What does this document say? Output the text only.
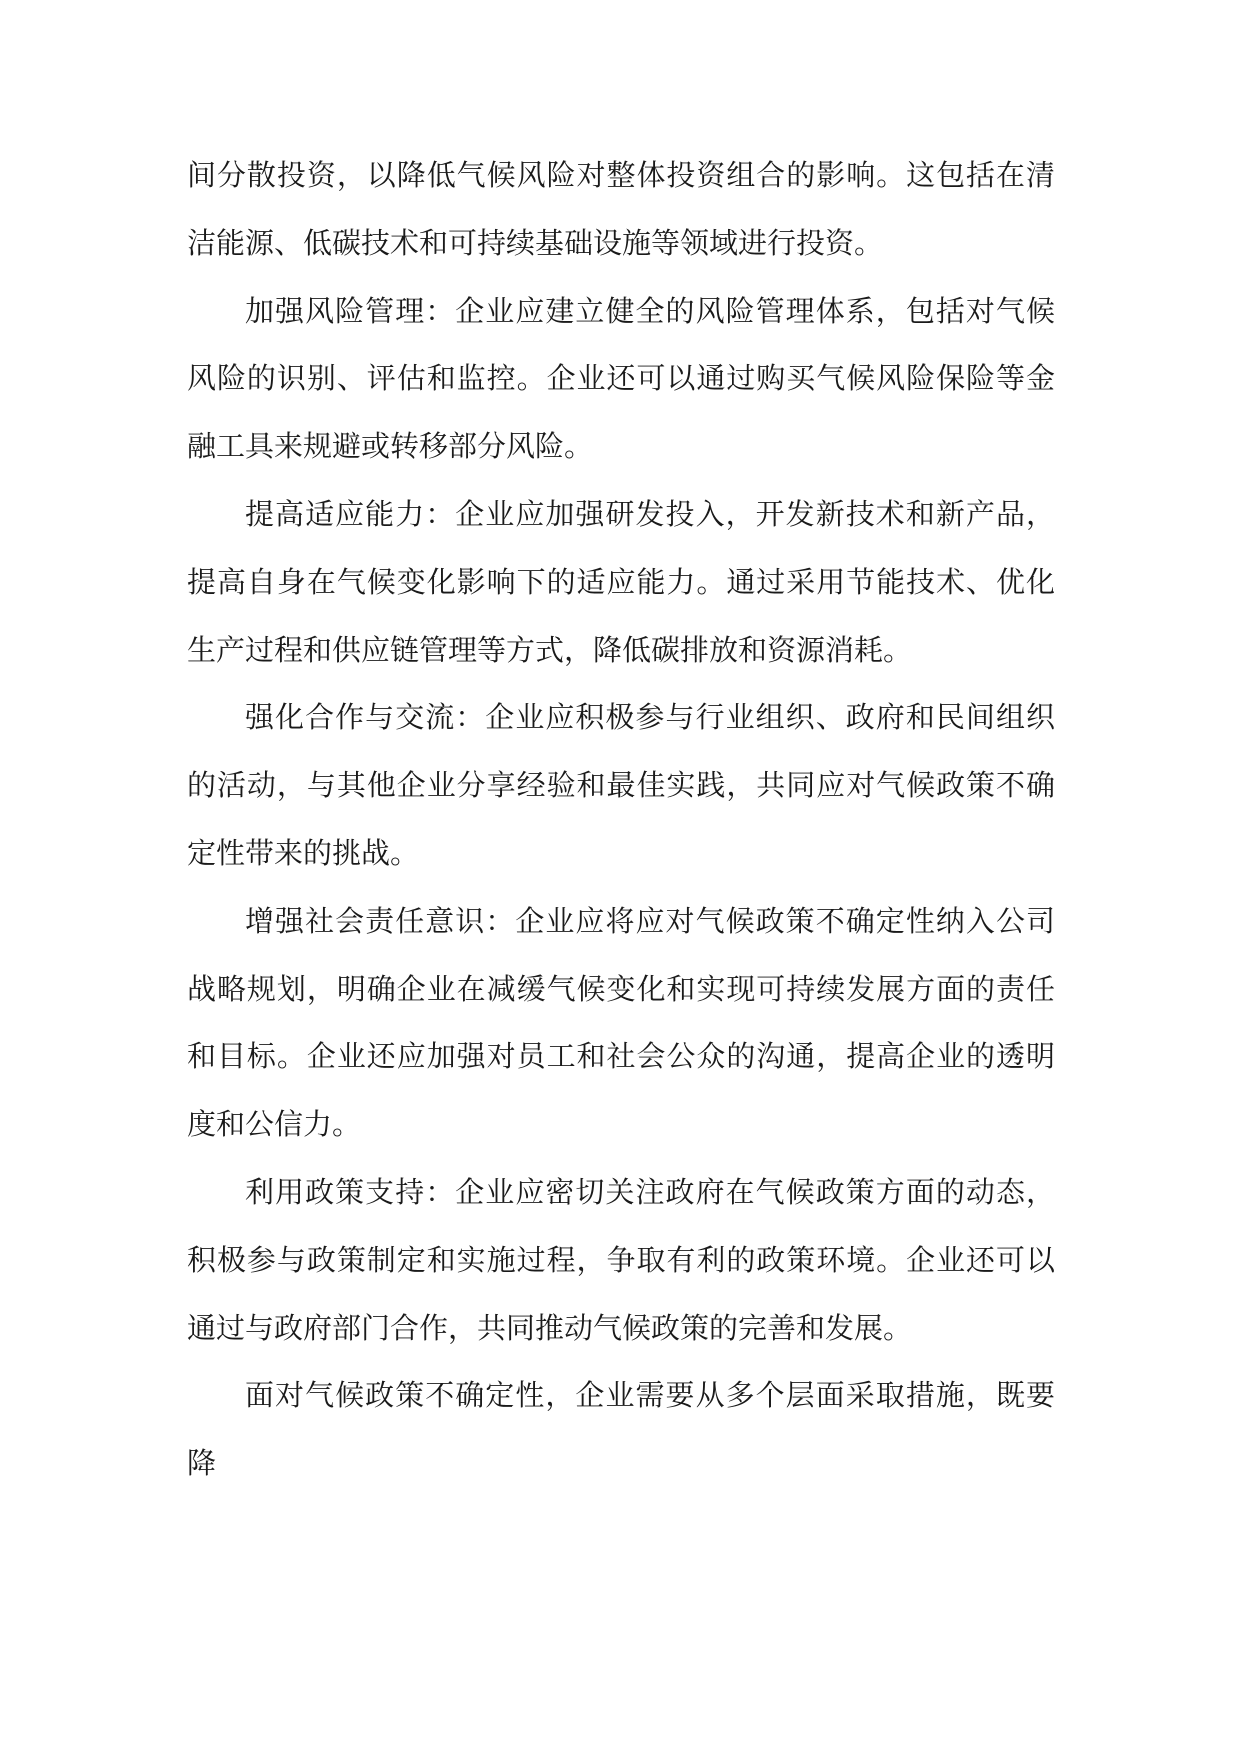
间分散投资，以降低气候风险对整体投资组合的影响。这包括在清洁能源、低碳技术和可持续基础设施等领域进行投资。

加强风险管理：企业应建立健全的风险管理体系，包括对气候风险的识别、评估和监控。企业还可以通过购买气候风险保险等金融工具来规避或转移部分风险。

提高适应能力：企业应加强研发投入，开发新技术和新产品，提高自身在气候变化影响下的适应能力。通过采用节能技术、优化生产过程和供应链管理等方式，降低碳排放和资源消耗。

强化合作与交流：企业应积极参与行业组织、政府和民间组织的活动，与其他企业分享经验和最佳实践，共同应对气候政策不确定性带来的挑战。

增强社会责任意识：企业应将应对气候政策不确定性纳入公司战略规划，明确企业在减缓气候变化和实现可持续发展方面的责任和目标。企业还应加强对员工和社会公众的沟通，提高企业的透明度和公信力。

利用政策支持：企业应密切关注政府在气候政策方面的动态，积极参与政策制定和实施过程，争取有利的政策环境。企业还可以通过与政府部门合作，共同推动气候政策的完善和发展。

面对气候政策不确定性，企业需要从多个层面采取措施，既要降
